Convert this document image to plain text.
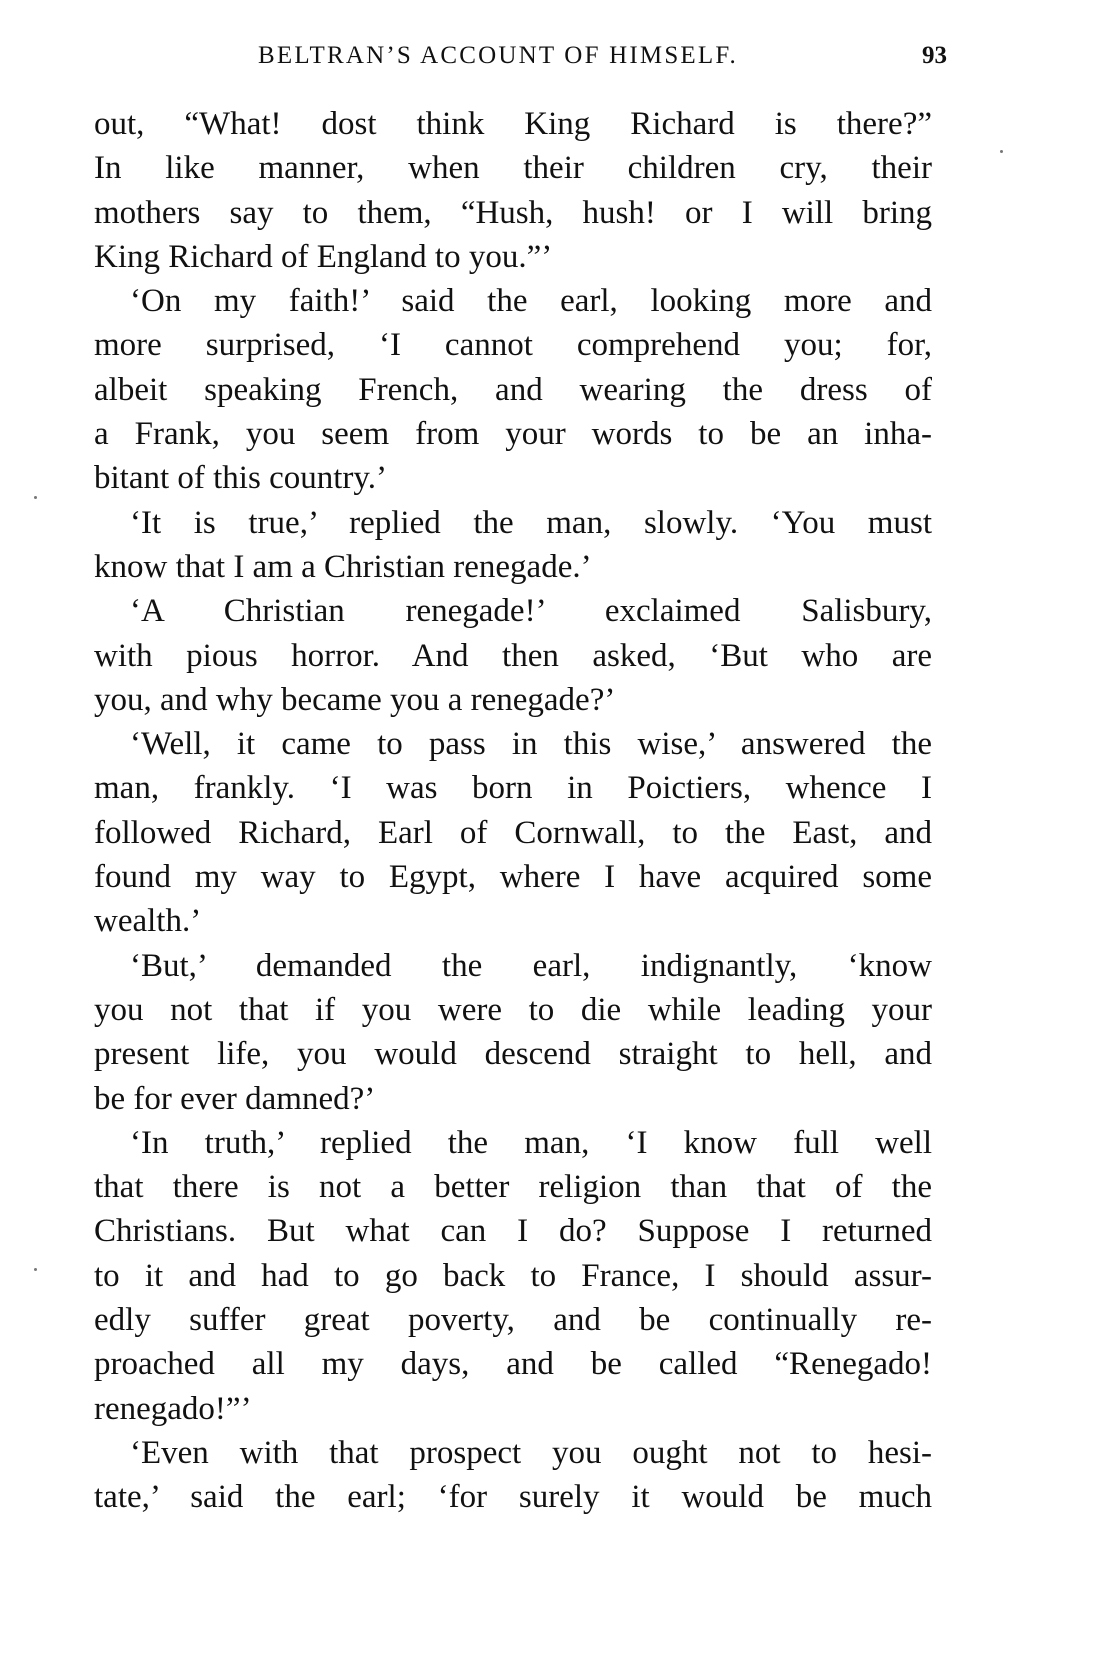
BELTRAN’S ACCOUNT OF HIMSELF.	93
out, “What! dost think King Richard is there?”
In like manner, when their children cry, their
mothers say to them, “Hush, hush! or I will bring
King Richard of England to you.”’
‘On my faith!’ said the earl, looking more and
more surprised, ‘I cannot comprehend you; for,
albeit speaking French, and wearing the dress of
a Frank, you seem from your words to be an inha-
bitant of this country.’
‘It is true,’ replied the man, slowly. ‘You must
know that I am a Christian renegade.’
‘A Christian renegade!’ exclaimed Salisbury,
with pious horror. And then asked, ‘But who are
you, and why became you a renegade?’
‘Well, it came to pass in this wise,’ answered the
man, frankly. ‘I was born in Poictiers, whence I
followed Richard, Earl of Cornwall, to the East, and
found my way to Egypt, where I have acquired some
wealth.’
‘But,’ demanded the earl, indignantly, ‘know
you not that if you were to die while leading your
present life, you would descend straight to hell, and
be for ever damned?’
‘In truth,’ replied the man, ‘I know full well
that there is not a better religion than that of the
Christians. But what can I do? Suppose I returned
to it and had to go back to France, I should assur-
edly suffer great poverty, and be continually re-
proached all my days, and be called “Renegado!
renegado!”’
‘Even with that prospect you ought not to hesi-
tate,’ said the earl; ‘for surely it would be much
